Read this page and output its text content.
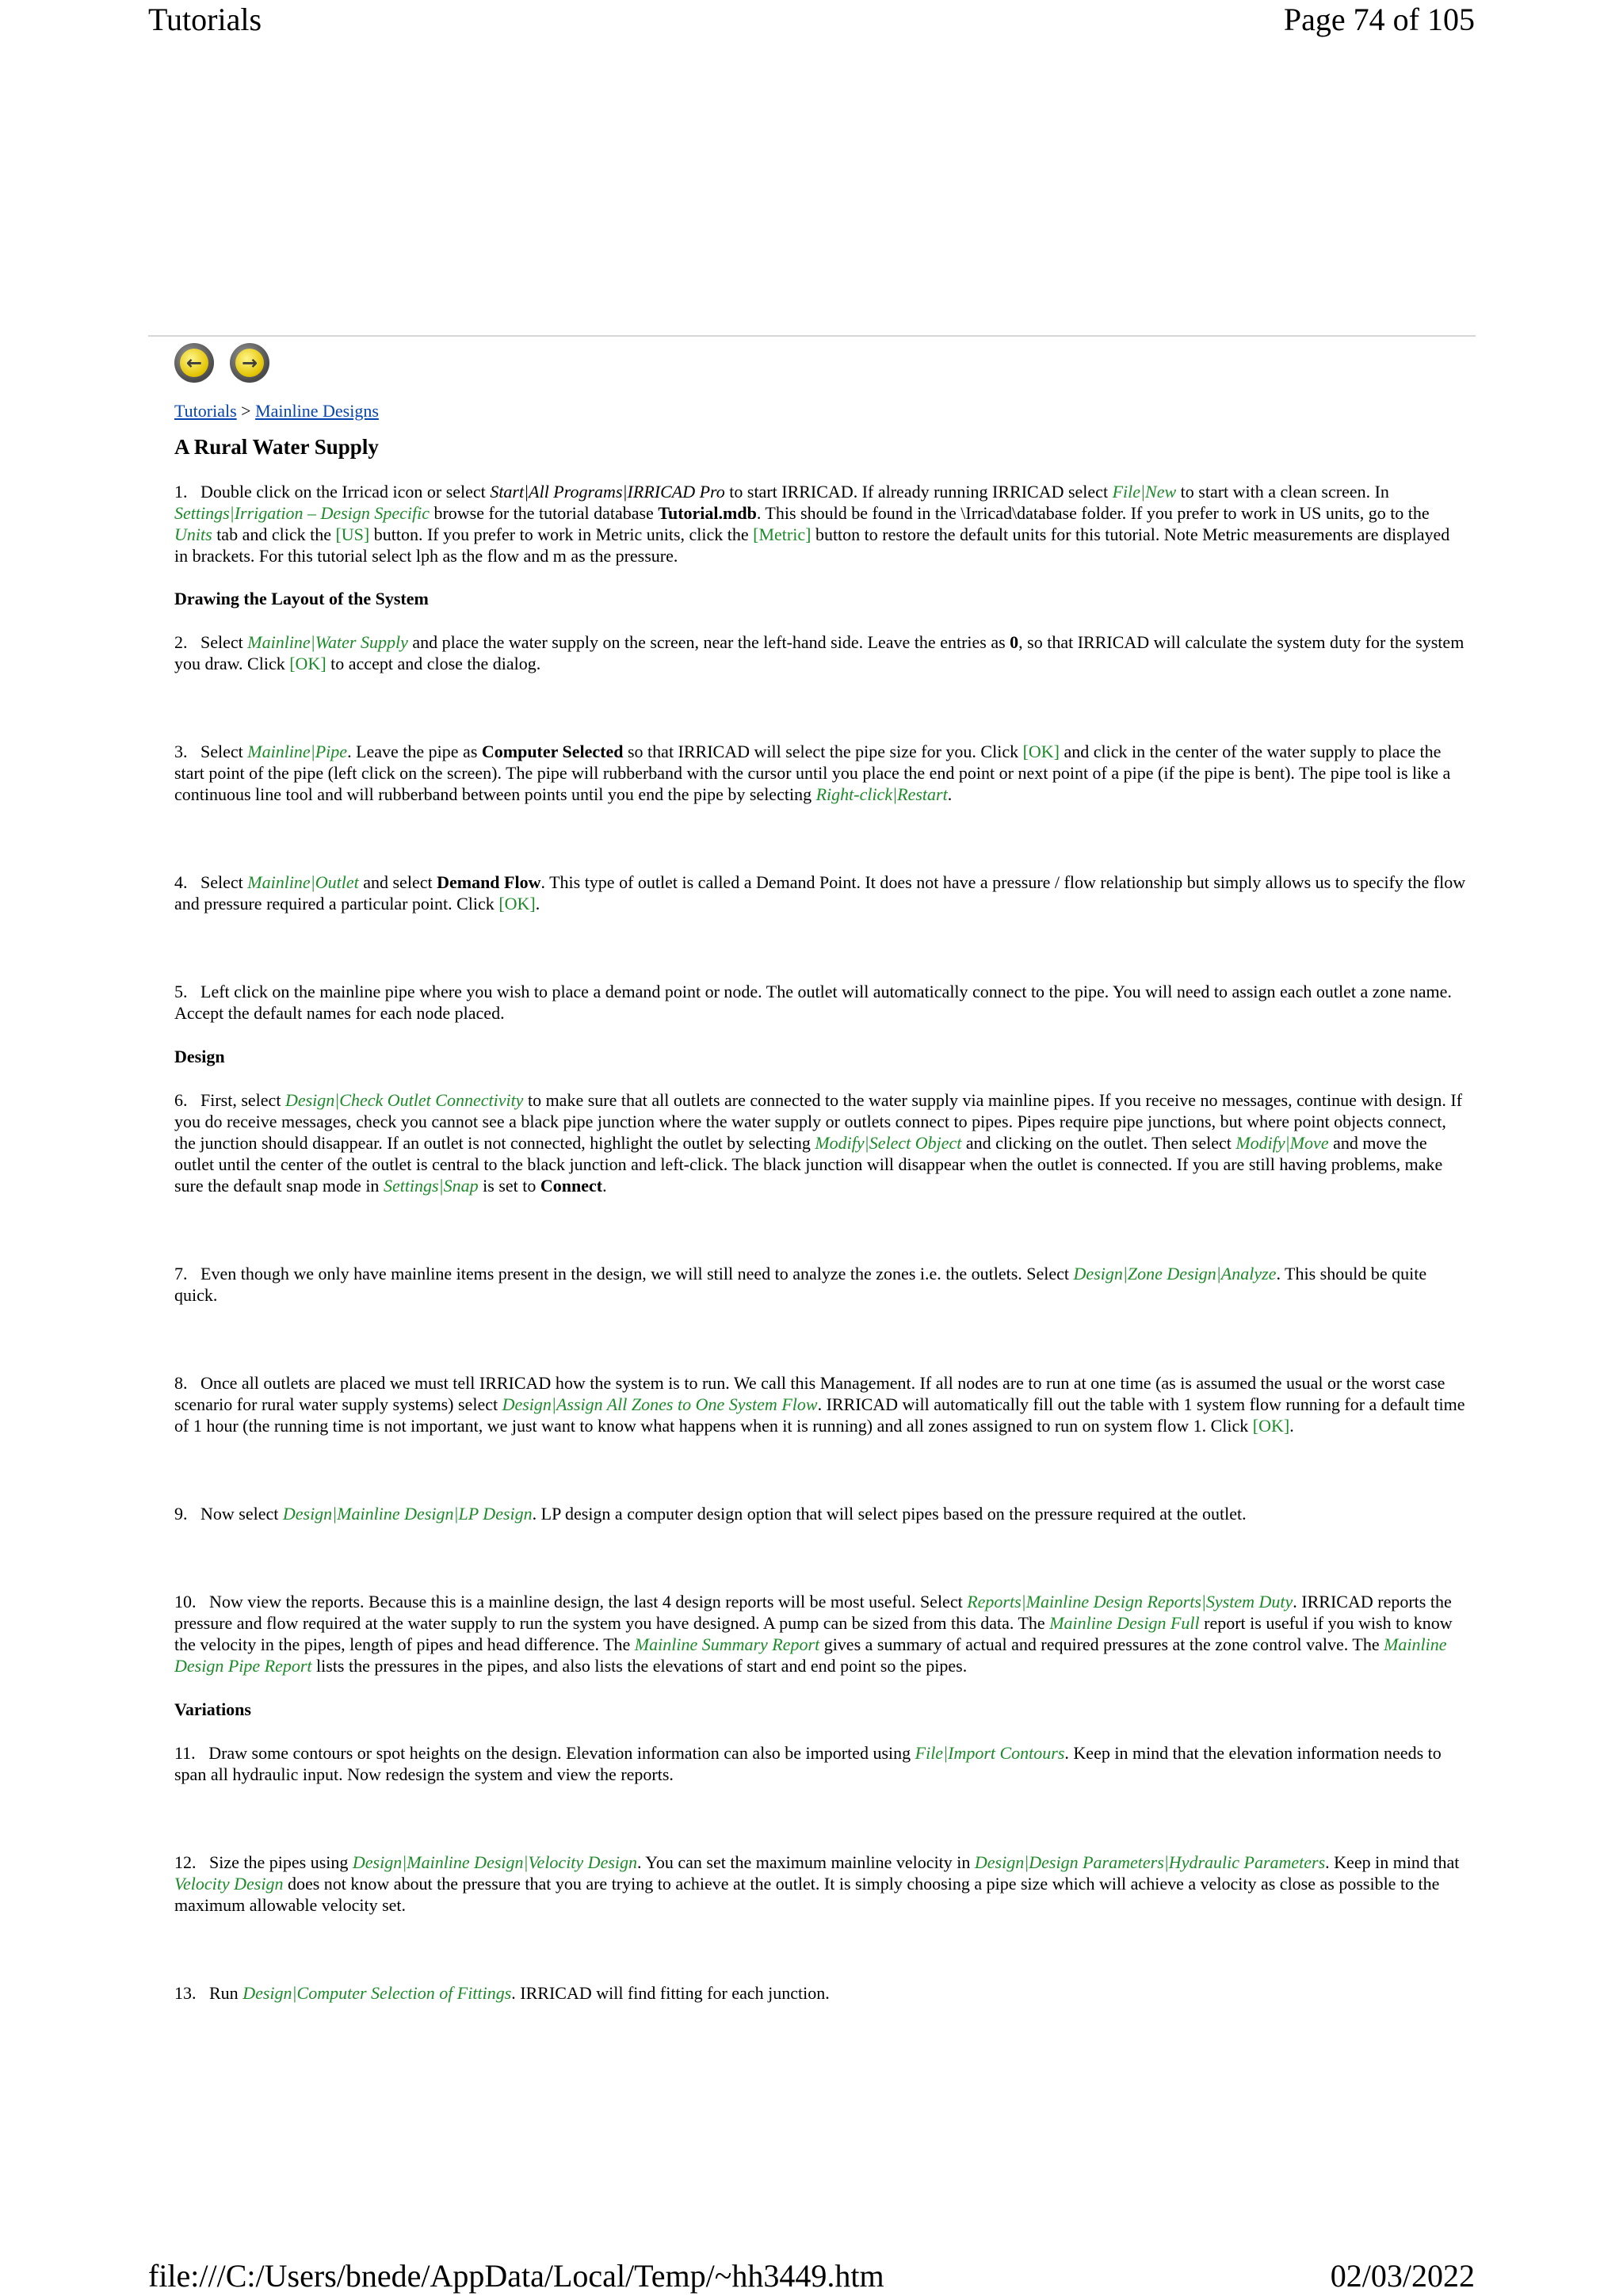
Tutorials	Page 74 of 105
←	→
Tutorials > Mainline Designs
A Rural Water Supply

1. Double click on the Irricad icon or select Start|All Programs|IRRICAD Pro to start IRRICAD. If already running IRRICAD select File|New to start with a clean screen. In Settings|Irrigation – Design Specific browse for the tutorial database Tutorial.mdb. This should be found in the \Irricad\database folder. If you prefer to work in US units, go to the Units tab and click the [US] button. If you prefer to work in Metric units, click the [Metric] button to restore the default units for this tutorial. Note Metric measurements are displayed in brackets. For this tutorial select lph as the flow and m as the pressure.

Drawing the Layout of the System

2. Select Mainline|Water Supply and place the water supply on the screen, near the left-hand side. Leave the entries as 0, so that IRRICAD will calculate the system duty for the system you draw. Click [OK] to accept and close the dialog.

3. Select Mainline|Pipe. Leave the pipe as Computer Selected so that IRRICAD will select the pipe size for you. Click [OK] and click in the center of the water supply to place the start point of the pipe (left click on the screen). The pipe will rubberband with the cursor until you place the end point or next point of a pipe (if the pipe is bent). The pipe tool is like a continuous line tool and will rubberband between points until you end the pipe by selecting Right-click|Restart.

4. Select Mainline|Outlet and select Demand Flow. This type of outlet is called a Demand Point. It does not have a pressure / flow relationship but simply allows us to specify the flow and pressure required a particular point. Click [OK].

5. Left click on the mainline pipe where you wish to place a demand point or node. The outlet will automatically connect to the pipe. You will need to assign each outlet a zone name. Accept the default names for each node placed.

Design

6. First, select Design|Check Outlet Connectivity to make sure that all outlets are connected to the water supply via mainline pipes. If you receive no messages, continue with design. If you do receive messages, check you cannot see a black pipe junction where the water supply or outlets connect to pipes. Pipes require pipe junctions, but where point objects connect, the junction should disappear. If an outlet is not connected, highlight the outlet by selecting Modify|Select Object and clicking on the outlet. Then select Modify|Move and move the outlet until the center of the outlet is central to the black junction and left-click. The black junction will disappear when the outlet is connected. If you are still having problems, make sure the default snap mode in Settings|Snap is set to Connect.

7. Even though we only have mainline items present in the design, we will still need to analyze the zones i.e. the outlets. Select Design|Zone Design|Analyze. This should be quite quick.

8. Once all outlets are placed we must tell IRRICAD how the system is to run. We call this Management. If all nodes are to run at one time (as is assumed the usual or the worst case scenario for rural water supply systems) select Design|Assign All Zones to One System Flow. IRRICAD will automatically fill out the table with 1 system flow running for a default time of 1 hour (the running time is not important, we just want to know what happens when it is running) and all zones assigned to run on system flow 1. Click [OK].

9. Now select Design|Mainline Design|LP Design. LP design a computer design option that will select pipes based on the pressure required at the outlet.

10. Now view the reports. Because this is a mainline design, the last 4 design reports will be most useful. Select Reports|Mainline Design Reports|System Duty. IRRICAD reports the pressure and flow required at the water supply to run the system you have designed. A pump can be sized from this data. The Mainline Design Full report is useful if you wish to know the velocity in the pipes, length of pipes and head difference. The Mainline Summary Report gives a summary of actual and required pressures at the zone control valve. The Mainline Design Pipe Report lists the pressures in the pipes, and also lists the elevations of start and end point so the pipes.

Variations

11. Draw some contours or spot heights on the design. Elevation information can also be imported using File|Import Contours. Keep in mind that the elevation information needs to span all hydraulic input. Now redesign the system and view the reports.

12. Size the pipes using Design|Mainline Design|Velocity Design. You can set the maximum mainline velocity in Design|Design Parameters|Hydraulic Parameters. Keep in mind that Velocity Design does not know about the pressure that you are trying to achieve at the outlet. It is simply choosing a pipe size which will achieve a velocity as close as possible to the maximum allowable velocity set.

13. Run Design|Computer Selection of Fittings. IRRICAD will find fitting for each junction.

file:///C:/Users/bnede/AppData/Local/Temp/~hh3449.htm	02/03/2022
